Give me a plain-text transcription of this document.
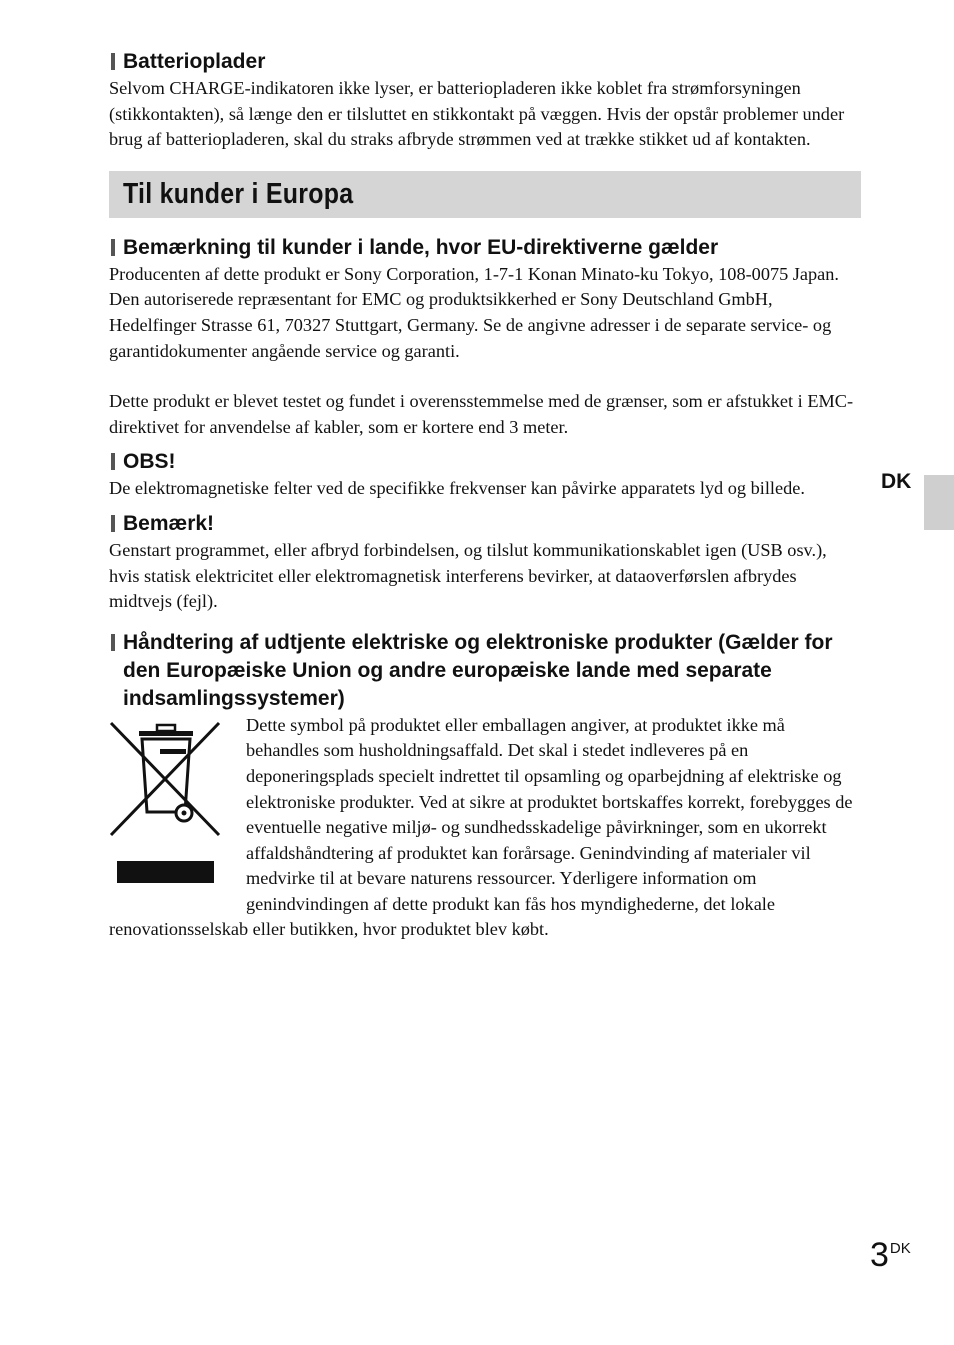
Batterioplader

Selvom CHARGE-indikatoren ikke lyser, er batteriopladeren ikke koblet fra strømforsyningen (stikkontakten), så længe den er tilsluttet en stikkontakt på væggen. Hvis der opstår problemer under brug af batteriopladeren, skal du straks afbryde strømmen ved at trække stikket ud af kontakten.

Til kunder i Europa
Bemærkning til kunder i lande, hvor EU-direktiverne gælder

Producenten af dette produkt er Sony Corporation, 1-7-1 Konan Minato-ku Tokyo, 108-0075 Japan. Den autoriserede repræsentant for EMC og produktsikkerhed er Sony Deutschland GmbH, Hedelfinger Strasse 61, 70327 Stuttgart, Germany. Se de angivne adresser i de separate service- og garantidokumenter angående service og garanti.

Dette produkt er blevet testet og fundet i overensstemmelse med de grænser, som er afstukket i EMC-direktivet for anvendelse af kabler, som er kortere end 3 meter.

OBS!

De elektromagnetiske felter ved de specifikke frekvenser kan påvirke apparatets lyd og billede.

Bemærk!

Genstart programmet, eller afbryd forbindelsen, og tilslut kommunikationskablet igen (USB osv.), hvis statisk elektricitet eller elektromagnetisk interferens bevirker, at dataoverførslen afbrydes midtvejs (fejl).

Håndtering af udtjente elektriske og elektroniske produkter (Gælder for den Europæiske Union og andre europæiske lande med separate indsamlingssystemer)

Dette symbol på produktet eller emballagen angiver, at produktet ikke må behandles som husholdningsaffald. Det skal i stedet indleveres på en deponeringsplads specielt indrettet til opsamling og oparbejdning af elektriske og elektroniske produkter. Ved at sikre at produktet bortskaffes korrekt, forebygges de eventuelle negative miljø- og sundhedsskadelige påvirkninger, som en ukorrekt affaldshåndtering af produktet kan forårsage. Genindvinding af materialer vil medvirke til at bevare naturens ressourcer. Yderligere information om genindvindingen af dette produkt kan fås hos myndighederne, det lokale renovationsselskab eller butikken, hvor produktet blev købt.

DK
$3^{DK}$
